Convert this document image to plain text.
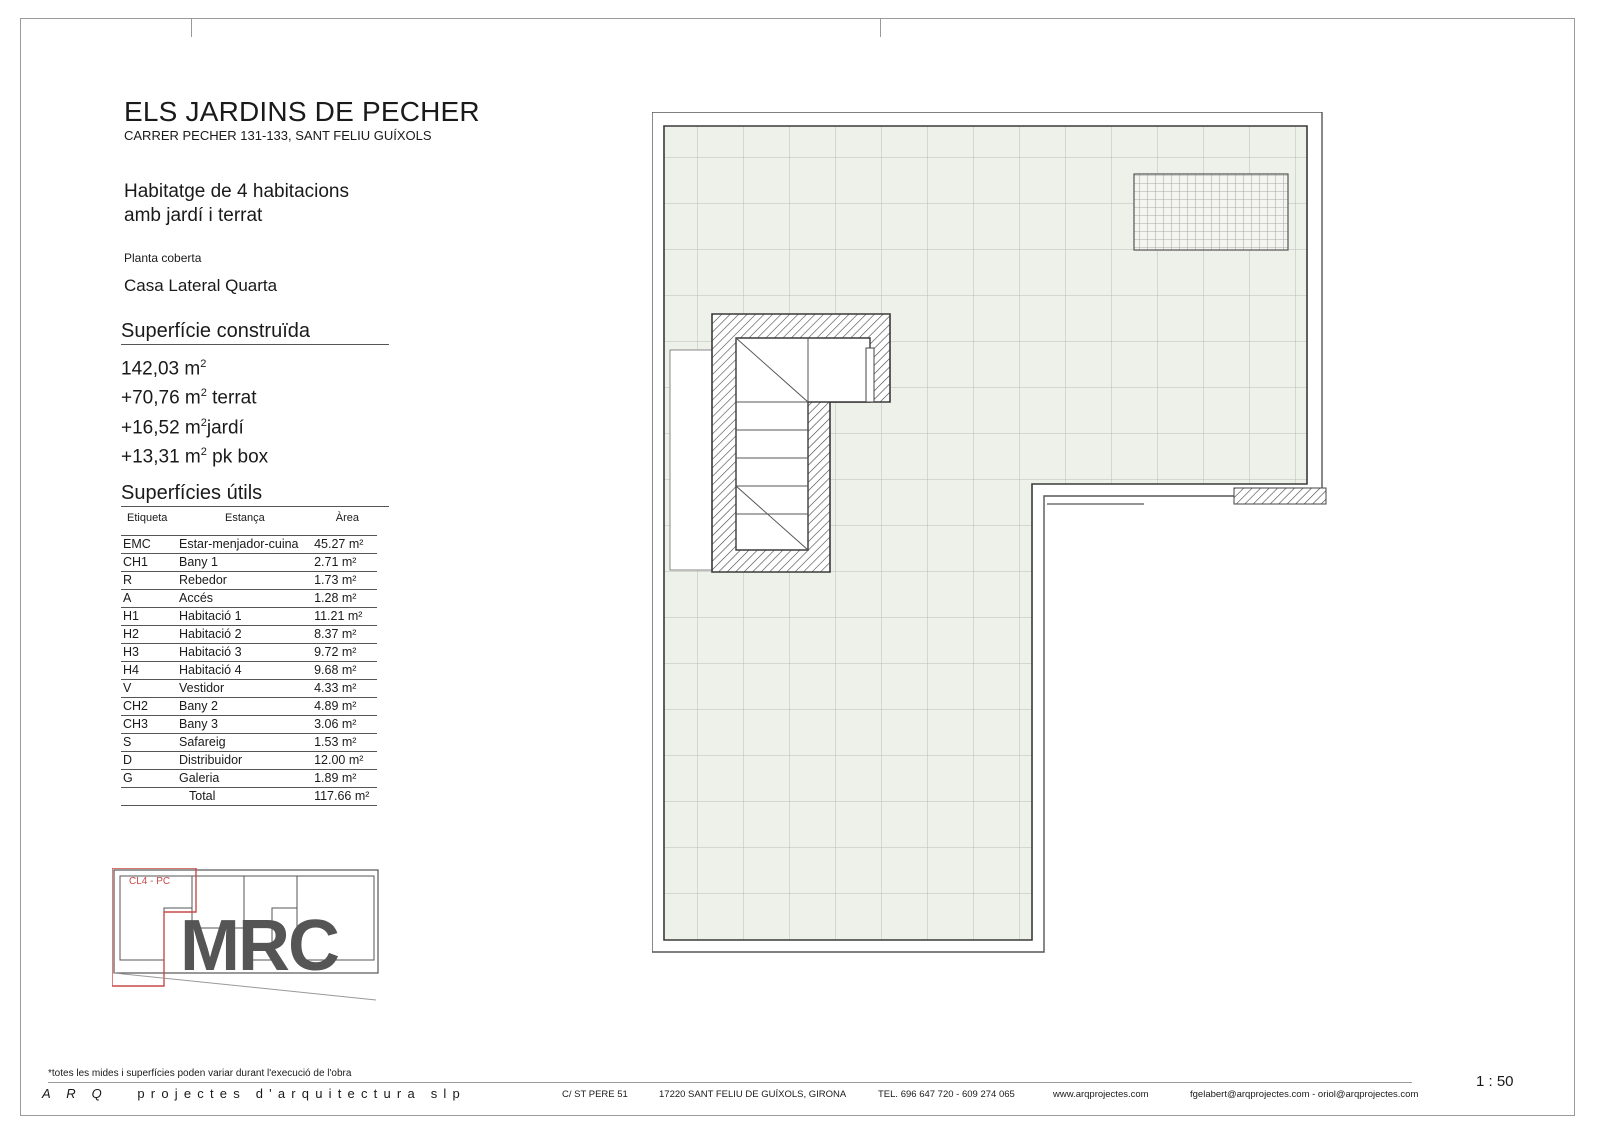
ELS JARDINS DE PECHER
CARRER PECHER 131-133, SANT FELIU GUÍXOLS
Habitatge de 4 habitacions
amb jardí i terrat
Planta coberta
Casa Lateral Quarta
Superfície construïda
142,03 $m^2$
+70,76 $m^2$ terrat
+16,52 $m^2jardí$
+13,31 $m^2$ pk box
Superfícies útils
Etiqueta	Estança	Àrea
EMC	Estar-menjador-cuina	45.27 m²
CH1	Bany 1	2.71 m²
R	Rebedor	1.73 m²
A	Accés	1.28 m²
H1	Habitació 1	11.21 m²
H2	Habitació 2	8.37 m²
H3	Habitació 3	9.72 m²
H4	Habitació 4	9.68 m²
V	Vestidor	4.33 m²
CH2	Bany 2	4.89 m²
CH3	Bany 3	3.06 m²
S	Safareig	1.53 m²
D	Distribuidor	12.00 m²
G	Galeria	1.89 m²
	Total	117.66 m²
CL4 - PC
MRC
*totes les mides i superfícies poden variar durant l'execució de l'obra
A R Q projectes d'arquitectura slp	C/ ST PERE 51	17220 SANT FELIU DE GUÍXOLS, GIRONA	TEL. 696 647 720 - 609 274 065	www.arqprojectes.com	fgelabert@arqprojectes.com - oriol@arqprojectes.com
1 : 50
